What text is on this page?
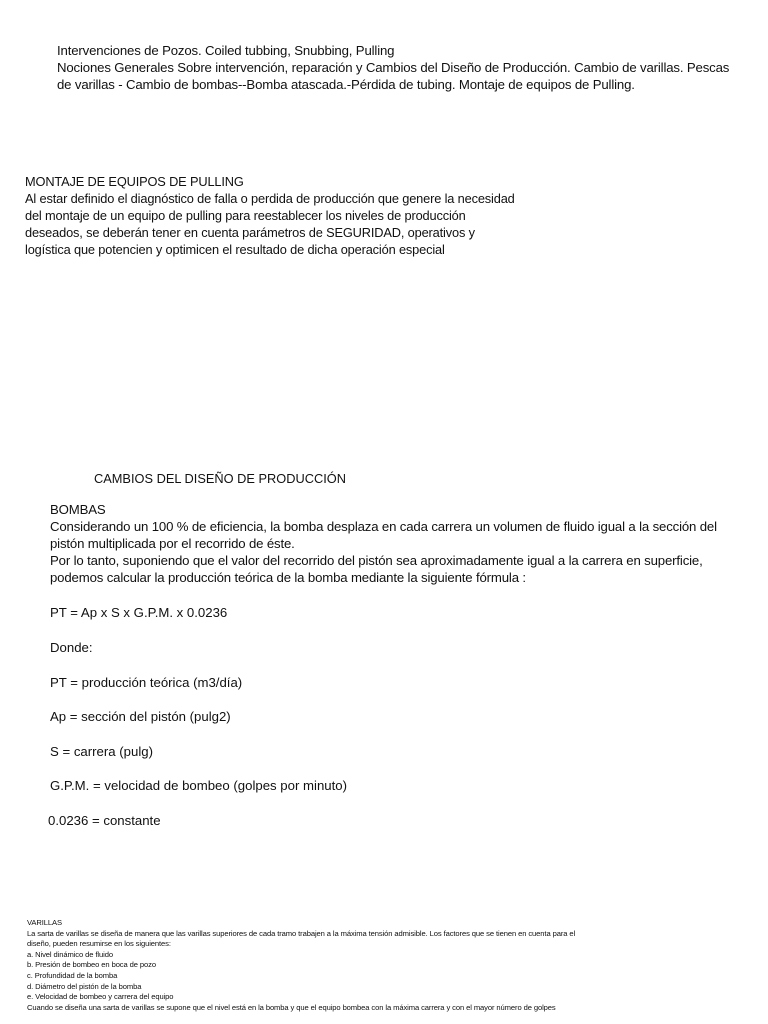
Intervenciones de Pozos. Coiled tubbing, Snubbing, Pulling
Nociones Generales Sobre intervención, reparación y Cambios del Diseño de Producción. Cambio de varillas. Pescas
de varillas - Cambio de bombas--Bomba atascada.-Pérdida de tubing. Montaje de equipos de Pulling.
MONTAJE DE EQUIPOS DE PULLING
Al estar definido el diagnóstico de falla o perdida de producción que genere la necesidad
del montaje de un equipo de pulling para reestablecer los niveles de producción
deseados, se deberán tener en cuenta parámetros de SEGURIDAD, operativos y
logística que potencien y optimicen el resultado de dicha operación especial
CAMBIOS DEL DISEÑO DE PRODUCCIÓN
BOMBAS
Considerando un 100 % de eficiencia, la bomba desplaza en cada carrera un volumen de fluido igual a la sección del
pistón multiplicada por el recorrido de éste.
Por lo tanto, suponiendo que el valor del recorrido del pistón sea aproximadamente igual a la carrera en superficie,
podemos calcular la producción teórica de la bomba mediante la siguiente fórmula :
PT = Ap x S x G.P.M. x 0.0236
Donde:
PT = producción teórica (m3/día)
Ap = sección del pistón (pulg2)
S = carrera (pulg)
G.P.M. = velocidad de bombeo (golpes por minuto)
0.0236 = constante
VARILLAS
La sarta de varillas se diseña de manera que las varillas superiores de cada tramo trabajen a la máxima tensión admisible. Los factores que se tienen en cuenta para el
diseño, pueden resumirse en los siguientes:
a. Nivel dinámico de fluido
b. Presión de bombeo en boca de pozo
c. Profundidad de la bomba
d. Diámetro del pistón de la bomba
e. Velocidad de bombeo y carrera del equipo
Cuando se diseña una sarta de varillas se supone que el nivel está en la bomba y que el equipo bombea con la máxima carrera y con el mayor número de golpes
